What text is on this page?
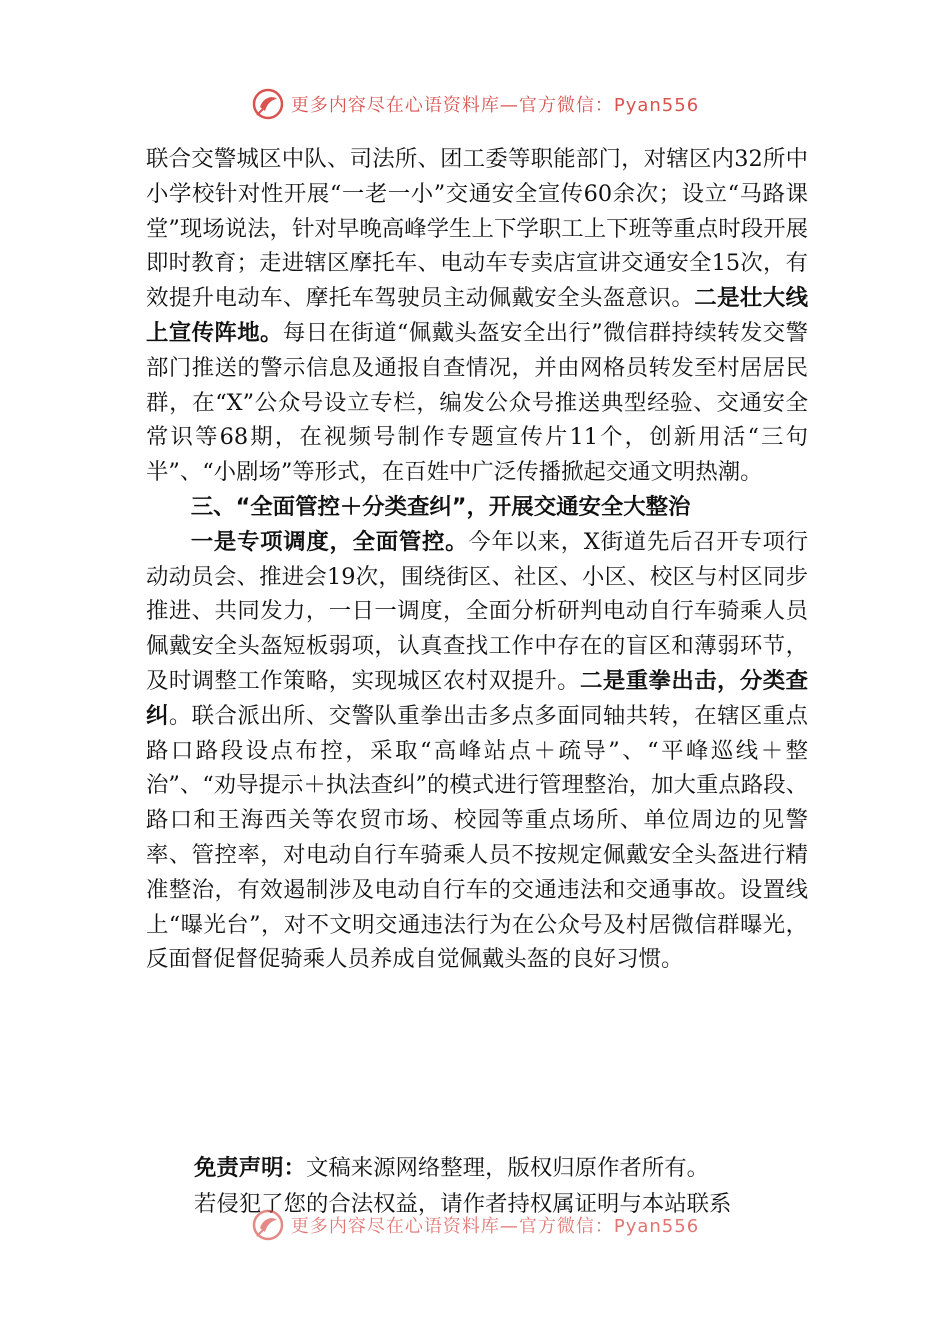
更多内容尽在心语资料库—官方微信：Pyan556

联合交警城区中队、司法所、团工委等职能部门，对辖区内32所中小学校针对性开展“一老一小”交通安全宣传60余次；设立“马路课堂”现场说法，针对早晚高峰学生上下学职工上下班等重点时段开展即时教育；走进辖区摩托车、电动车专卖店宣讲交通安全15次，有效提升电动车、摩托车驾驶员主动佩戴安全头盔意识。二是壮大线上宣传阵地。每日在街道“佩戴头盔安全出行”微信群持续转发交警部门推送的警示信息及通报自查情况，并由网格员转发至村居居民群，在“X”公众号设立专栏，编发公众号推送典型经验、交通安全常识等68期，在视频号制作专题宣传片11个，创新用活“三句半”、“小剧场”等形式，在百姓中广泛传播掀起交通文明热潮。

三、“全面管控＋分类查纠”，开展交通安全大整治

一是专项调度，全面管控。今年以来，X街道先后召开专项行动动员会、推进会19次，围绕街区、社区、小区、校区与村区同步推进、共同发力，一日一调度，全面分析研判电动自行车骑乘人员佩戴安全头盔短板弱项，认真查找工作中存在的盲区和薄弱环节，及时调整工作策略，实现城区农村双提升。二是重拳出击，分类查纠。联合派出所、交警队重拳出击多点多面同轴共转，在辖区重点路口路段设点布控，采取“高峰站点＋疏导”、“平峰巡线＋整治”、“劝导提示＋执法查纠”的模式进行管理整治，加大重点路段、路口和王海西关等农贸市场、校园等重点场所、单位周边的见警率、管控率，对电动自行车骑乘人员不按规定佩戴安全头盔进行精准整治，有效遏制涉及电动自行车的交通违法和交通事故。设置线上“曝光台”，对不文明交通违法行为在公众号及村居微信群曝光，反面督促督促骑乘人员养成自觉佩戴头盔的良好习惯。

免责声明：文稿来源网络整理，版权归原作者所有。
若侵犯了您的合法权益，请作者持权属证明与本站联系
更多内容尽在心语资料库—官方微信：Pyan556
